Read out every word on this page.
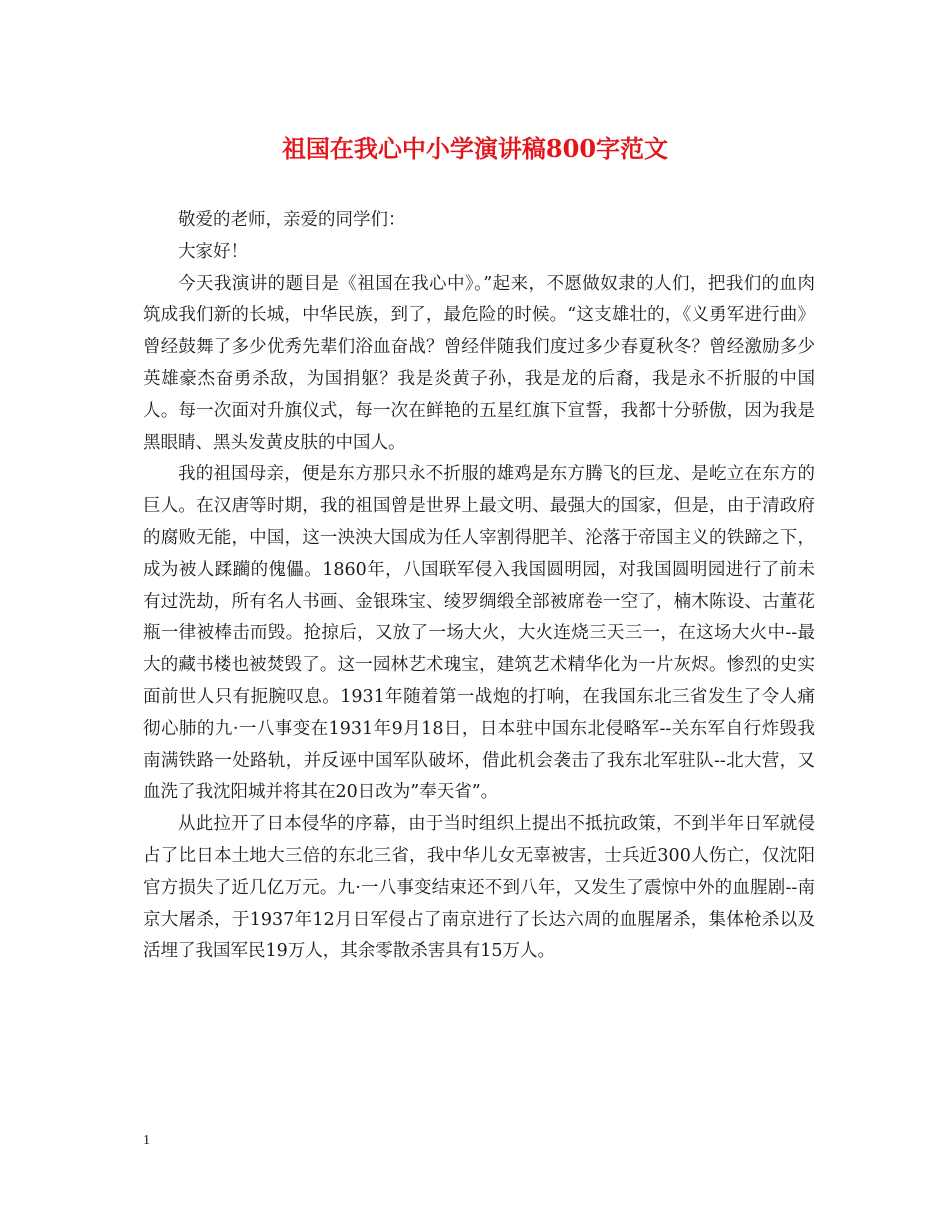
祖国在我心中小学演讲稿800字范文

敬爱的老师，亲爱的同学们：

大家好！

今天我演讲的题目是《祖国在我心中》。”起来，不愿做奴隶的人们，把我们的血肉筑成我们新的长城，中华民族，到了，最危险的时候。“这支雄壮的，《义勇军进行曲》曾经鼓舞了多少优秀先辈们浴血奋战？曾经伴随我们度过多少春夏秋冬？曾经激励多少英雄豪杰奋勇杀敌，为国捐躯？我是炎黄子孙，我是龙的后裔，我是永不折服的中国人。每一次面对升旗仪式，每一次在鲜艳的五星红旗下宣誓，我都十分骄傲，因为我是黑眼睛、黑头发黄皮肤的中国人。

我的祖国母亲，便是东方那只永不折服的雄鸡是东方腾飞的巨龙、是屹立在东方的巨人。在汉唐等时期，我的祖国曾是世界上最文明、最强大的国家，但是，由于清政府的腐败无能，中国，这一泱泱大国成为任人宰割得肥羊、沦落于帝国主义的铁蹄之下，成为被人蹂躏的傀儡。1860年，八国联军侵入我国圆明园，对我国圆明园进行了前未有过洗劫，所有名人书画、金银珠宝、绫罗绸缎全部被席卷一空了，楠木陈设、古董花瓶一律被棒击而毁。抢掠后，又放了一场大火，大火连烧三天三一，在这场大火中--最大的藏书楼也被焚毁了。这一园林艺术瑰宝，建筑艺术精华化为一片灰烬。惨烈的史实面前世人只有扼腕叹息。1931年随着第一战炮的打响，在我国东北三省发生了令人痛彻心肺的九·一八事变在1931年9月18日，日本驻中国东北侵略军--关东军自行炸毁我南满铁路一处路轨，并反诬中国军队破坏，借此机会袭击了我东北军驻队--北大营，又血洗了我沈阳城并将其在20日改为”奉天省”。

从此拉开了日本侵华的序幕，由于当时组织上提出不抵抗政策，不到半年日军就侵占了比日本土地大三倍的东北三省，我中华儿女无辜被害，士兵近300人伤亡，仅沈阳官方损失了近几亿万元。九·一八事变结束还不到八年，又发生了震惊中外的血腥剧--南京大屠杀，于1937年12月日军侵占了南京进行了长达六周的血腥屠杀，集体枪杀以及活埋了我国军民19万人，其余零散杀害具有15万人。

1
